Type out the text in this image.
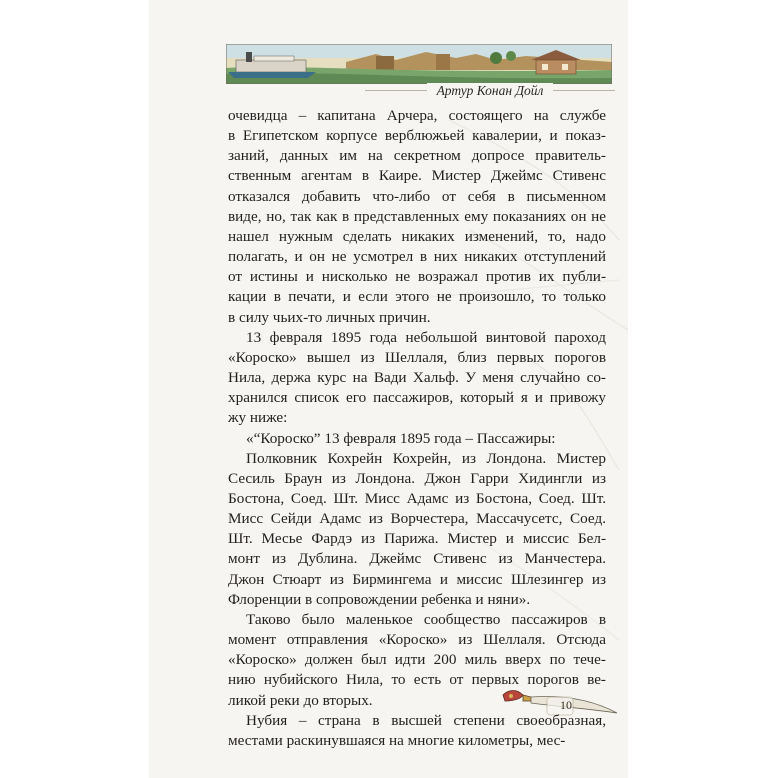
Артур Конан Дойл
10

очевидца – капитана Арчера, состоящего на службе

в Египетском корпусе верблюжьей кавалерии, и показ-

заний, данных им на секретном допросе правитель-

ственным агентам в Каире. Мистер Джеймс Стивенс

отказался добавить что-либо от себя в письменном

виде, но, так как в представленных ему показаниях он не

нашел нужным сделать никаких изменений, то, надо

полагать, и он не усмотрел в них никаких отступлений

от истины и нисколько не возражал против их публи-

кации в печати, и если этого не произошло, то только

в силу чьих-то личных причин.

13 февраля 1895 года небольшой винтовой пароход

«Короско» вышел из Шеллаля, близ первых порогов

Нила, держа курс на Вади Хальф. У меня случайно со-

хранился список его пассажиров, который я и привожу

жу ниже:

«“Короско” 13 февраля 1895 года – Пассажиры:

Полковник Кохрейн Кохрейн, из Лондона. Мистер

Сесиль Браун из Лондона. Джон Гарри Хидингли из

Бостона, Соед. Шт. Мисс Адамс из Бостона, Соед. Шт.

Мисс Сейди Адамс из Ворчестера, Массачусетс, Соед.

Шт. Месье Фардэ из Парижа. Мистер и миссис Бел-

монт из Дублина. Джеймс Стивенс из Манчестера.

Джон Стюарт из Бирмингема и миссис Шлезингер из

Флоренции в сопровождении ребенка и няни».

Таково было маленькое сообщество пассажиров в

момент отправления «Короско» из Шеллаля. Отсюда

«Короско» должен был идти 200 миль вверх по тече-

нию нубийского Нила, то есть от первых порогов ве-

ликой реки до вторых.

Нубия – страна в высшей степени своеобразная,

местами раскинувшаяся на многие километры, мес-
